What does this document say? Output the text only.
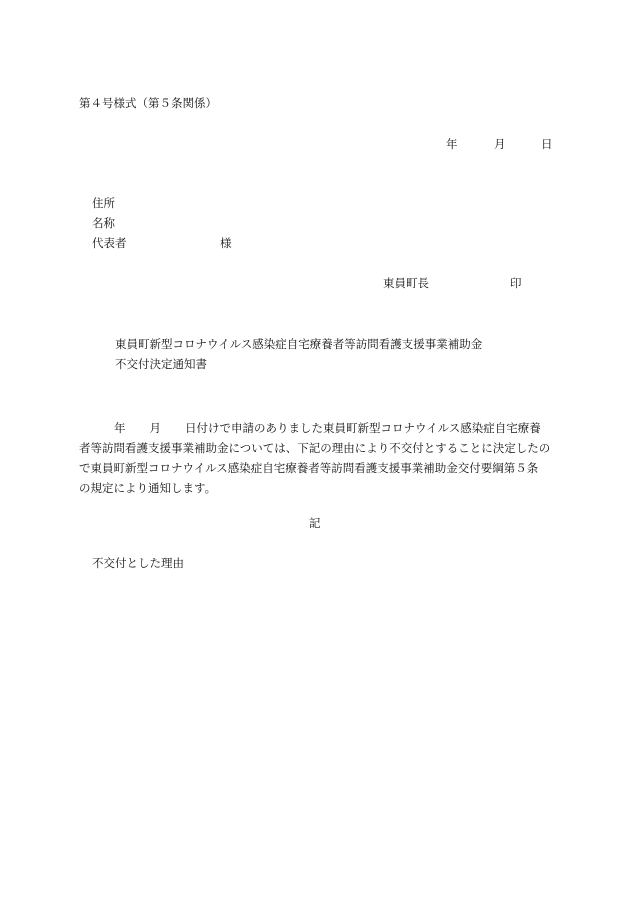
第４号様式（第５条関係）
年	月	日
住所
名称
代表者	様
東員町長	印
東員町新型コロナウイルス感染症自宅療養者等訪問看護支援事業補助金
不交付決定通知書
年 月 日付けで申請のありました東員町新型コロナウイルス感染症自宅療養
者等訪問看護支援事業補助金については、下記の理由により不交付とすることに決定したの
で東員町新型コロナウイルス感染症自宅療養者等訪問看護支援事業補助金交付要綱第５条
の規定により通知します。
記
不交付とした理由
